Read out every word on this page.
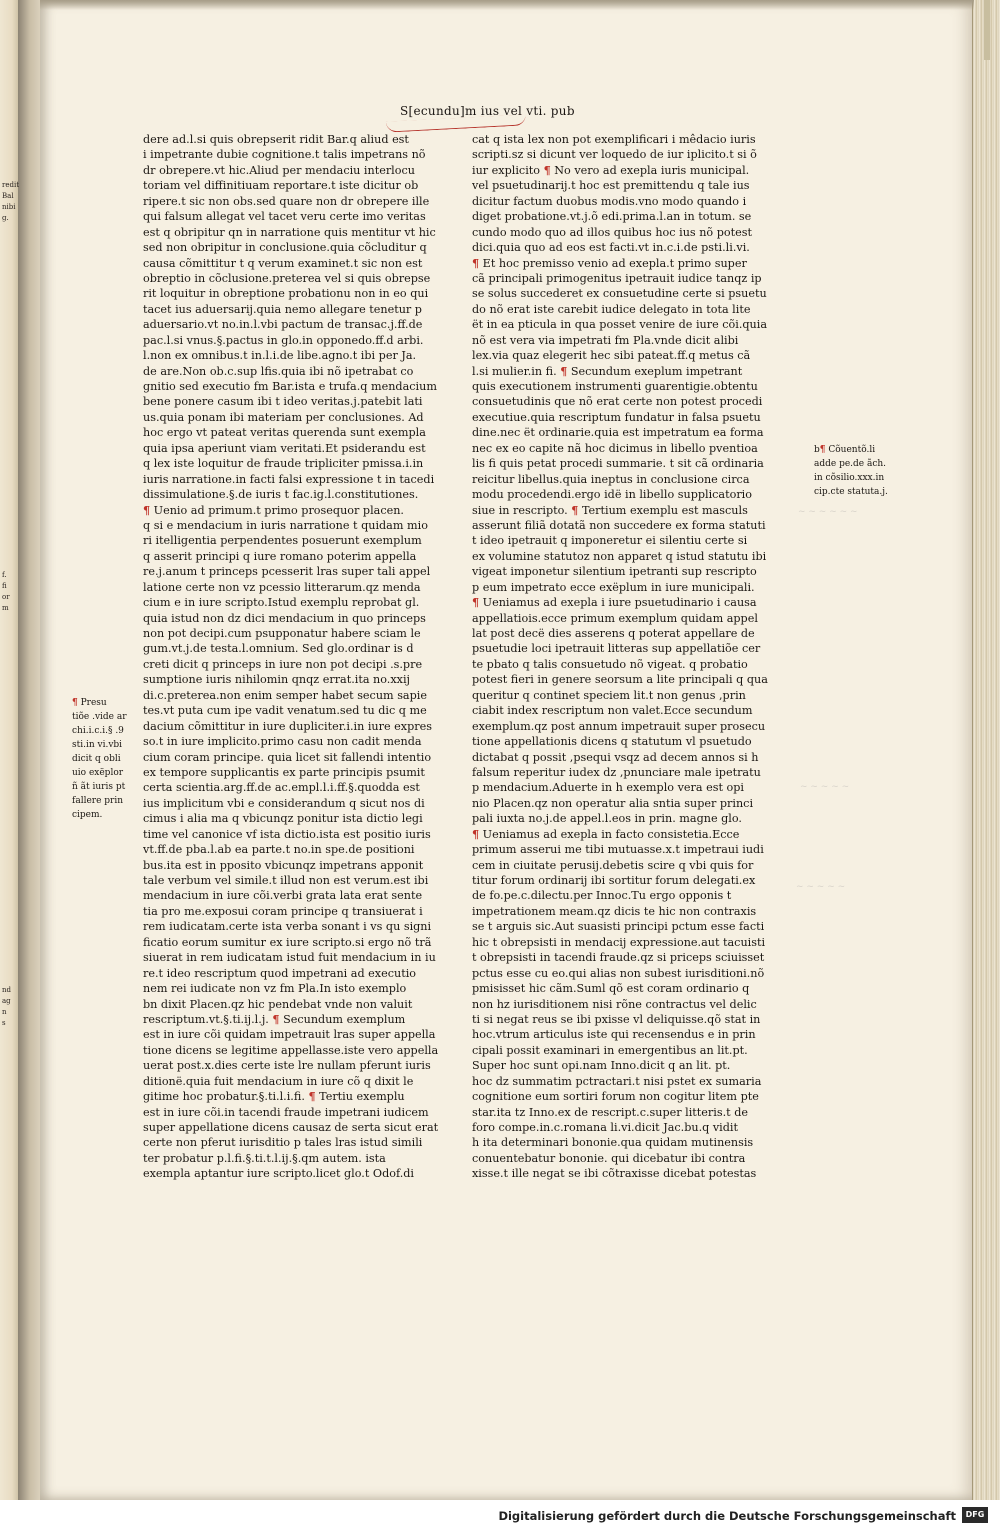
redit
Bal
nibi
g.
f.
fi
or
m
nd
ag
n
s
~ ~ ~ ~ ~ ~
~ ~ ~ ~ ~
~ ~ ~ ~ ~
S[ecundu]m ius vel vti. pub
dere ad.l.si quis obrepserit ridit Bar.q aliud est
i impetrante dubie cognitione.t talis impetrans nõ
dr obrepere.vt hic.Aliud per mendaciu interlocu
toriam vel diffinitiuam reportare.t iste dicitur ob
ripere.t sic non obs.sed quare non dr obrepere ille
qui falsum allegat vel tacet veru certe imo veritas
est q obripitur qn in narratione quis mentitur vt hic
sed non obripitur in conclusione.quia cõcluditur q
causa cõmittitur t q verum examinet.t sic non est
obreptio in cõclusione.preterea vel si quis obrepse
rit loquitur in obreptione probationu non in eo qui
tacet ius aduersarij.quia nemo allegare tenetur p
aduersario.vt no.in.l.vbi pactum de transac.j.ff.de
pac.l.si vnus.§.pactus in glo.in opponedo.ff.d arbi.
l.non ex omnibus.t in.l.i.de libe.agno.t ibi per Ja.
de are.Non ob.c.sup lfis.quia ibi nõ ipetrabat co
gnitio sed executio fm Bar.ista e trufa.q mendacium
bene ponere casum ibi t ideo veritas.j.patebit lati
us.quia ponam ibi materiam per conclusiones. Ad
hoc ergo vt pateat veritas querenda sunt exempla
quia ipsa aperiunt viam veritati.Et psiderandu est
q lex iste loquitur de fraude tripliciter pmissa.i.in
iuris narratione.in facti falsi expressione t in tacedi
dissimulatione.§.de iuris t fac.ig.l.constitutiones.
¶ Uenio ad primum.t primo prosequor placen.
q si e mendacium in iuris narratione t quidam mio
ri itelligentia perpendentes posuerunt exemplum
q asserit principi q iure romano poterim appella
re.j.anum t princeps pcesserit lras super tali appel
latione certe non vz pcessio litterarum.qz menda
cium e in iure scripto.Istud exemplu reprobat gl.
quia istud non dz dici mendacium in quo princeps
non pot decipi.cum psupponatur habere sciam le
gum.vt.j.de testa.l.omnium. Sed glo.ordinar is d
creti dicit q princeps in iure non pot decipi .s.pre
sumptione iuris nihilomin qnqz errat.ita no.xxij
di.c.preterea.non enim semper habet secum sapie
tes.vt puta cum ipe vadit venatum.sed tu dic q me
dacium cõmittitur in iure dupliciter.i.in iure expres
so.t in iure implicito.primo casu non cadit menda
cium coram principe. quia licet sit fallendi intentio
ex tempore supplicantis ex parte principis psumit
certa scientia.arg.ff.de ac.empl.l.i.ff.§.quodda est
ius implicitum vbi e considerandum q sicut nos di
cimus i alia ma q vbicunqz ponitur ista dictio legi
time vel canonice vf ista dictio.ista est positio iuris
vt.ff.de pba.l.ab ea parte.t no.in spe.de positioni
bus.ita est in pposito vbicunqz impetrans apponit
tale verbum vel simile.t illud non est verum.est ibi
mendacium in iure cõi.verbi grata lata erat sente
tia pro me.exposui coram principe q transiuerat i
rem iudicatam.certe ista verba sonant i vs qu signi
ficatio eorum sumitur ex iure scripto.si ergo nõ trã
siuerat in rem iudicatam istud fuit mendacium in iu
re.t ideo rescriptum quod impetrani ad executio
nem rei iudicate non vz fm Pla.In isto exemplo
bn dixit Placen.qz hic pendebat vnde non valuit
rescriptum.vt.§.ti.ij.l.j. ¶ Secundum exemplum
est in iure cõi quidam impetrauit lras super appella
tione dicens se legitime appellasse.iste vero appella
uerat post.x.dies certe iste lre nullam pferunt iuris
ditionë.quia fuit mendacium in iure cõ q dixit le
gitime hoc probatur.§.ti.l.i.fi. ¶ Tertiu exemplu
est in iure cõi.in tacendi fraude impetrani iudicem
super appellatione dicens causaz de serta sicut erat
certe non pferut iurisditio p tales lras istud simili
ter probatur p.l.fi.§.ti.t.l.ij.§.qm autem. ista
exempla aptantur iure scripto.licet glo.t Odof.di
cat q ista lex non pot exemplificari i mêdacio iuris
scripti.sz si dicunt ver loquedo de iur iplicito.t si õ
iur explicito ¶ No vero ad exepla iuris municipal.
vel psuetudinarij.t hoc est premittendu q tale ius
dicitur factum duobus modis.vno modo quando i
diget probatione.vt.j.õ edi.prima.l.an in totum. se
cundo modo quo ad illos quibus hoc ius nõ potest
dici.quia quo ad eos est facti.vt in.c.i.de psti.li.vi.
¶ Et hoc premisso venio ad exepla.t primo super
cã principali primogenitus ipetrauit iudice tanqz ip
se solus succederet ex consuetudine certe si psuetu
do nõ erat iste carebit iudice delegato in tota lite
ët in ea pticula in qua posset venire de iure cõi.quia
nõ est vera via impetrati fm Pla.vnde dicit alibi
lex.via quaz elegerit hec sibi pateat.ff.q metus cã
l.si mulier.in fi. ¶ Secundum exeplum impetrant
quis executionem instrumenti guarentigie.obtentu
consuetudinis que nõ erat certe non potest procedi
executiue.quia rescriptum fundatur in falsa psuetu
dine.nec ët ordinarie.quia est impetratum ea forma
nec ex eo capite nã hoc dicimus in libello pventioa
lis fi quis petat procedi summarie. t sit cã ordinaria
reicitur libellus.quia ineptus in conclusione circa
modu procedendi.ergo idë in libello supplicatorio
siue in rescripto. ¶ Tertium exemplu est masculs
asserunt filiã dotatã non succedere ex forma statuti
t ideo ipetrauit q imponeretur ei silentiu certe si
ex volumine statutoz non apparet q istud statutu ibi
vigeat imponetur silentium ipetranti sup rescripto
p eum impetrato ecce exëplum in iure municipali.
¶ Ueniamus ad exepla i iure psuetudinario i causa
appellatiois.ecce primum exemplum quidam appel
lat post decë dies asserens q poterat appellare de
psuetudie loci ipetrauit litteras sup appellatiõe cer
te pbato q talis consuetudo nõ vigeat. q probatio
potest fieri in genere seorsum a lite principali q qua
queritur q continet speciem lit.t non genus ,prin
ciabit index rescriptum non valet.Ecce secundum
exemplum.qz post annum impetrauit super prosecu
tione appellationis dicens q statutum vl psuetudo
dictabat q possit ,psequi vsqz ad decem annos si h
falsum reperitur iudex dz ,pnunciare male ipetratu
p mendacium.Aduerte in h exemplo vera est opi
nio Placen.qz non operatur alia sntia super princi
pali iuxta no.j.de appel.l.eos in prin. magne glo.
¶ Ueniamus ad exepla in facto consistetia.Ecce
primum asserui me tibi mutuasse.x.t impetraui iudi
cem in ciuitate perusij.debetis scire q vbi quis for
titur forum ordinarij ibi sortitur forum delegati.ex
de fo.pe.c.dilectu.per Innoc.Tu ergo opponis t
impetrationem meam.qz dicis te hic non contraxis
se t arguis sic.Aut suasisti principi pctum esse facti
hic t obrepsisti in mendacij expressione.aut tacuisti
t obrepsisti in tacendi fraude.qz si priceps sciuisset
pctus esse cu eo.qui alias non subest iurisditioni.nõ
pmisisset hic cãm.Suml qõ est coram ordinario q
non hz iurisditionem nisi rõne contractus vel delic
ti si negat reus se ibi pxisse vl deliquisse.qõ stat in
hoc.vtrum articulus iste qui recensendus e in prin
cipali possit examinari in emergentibus an lit.pt.
Super hoc sunt opi.nam Inno.dicit q an lit. pt.
hoc dz summatim pctractari.t nisi pstet ex sumaria
cognitione eum sortiri forum non cogitur litem pte
star.ita tz Inno.ex de rescript.c.super litteris.t de
foro compe.in.c.romana li.vi.dicit Jac.bu.q vidit
h ita determinari bononie.qua quidam mutinensis
conuentebatur bononie. qui dicebatur ibi contra
xisse.t ille negat se ibi cõtraxisse dicebat potestas
¶ Presu
tiõe .vide ar
chi.i.c.i.§ .9
sti.in vi.vbi
dicit q obli
uio exëplor
ñ ãt iuris pt
fallere prin
cipem.
b¶ Cõuentõ.li
adde pe.de ãch.
in cõsilio.xxx.in
cip.cte statuta.j.
Digitalisierung gefördert durch die Deutsche Forschungsgemeinschaft	DFG
